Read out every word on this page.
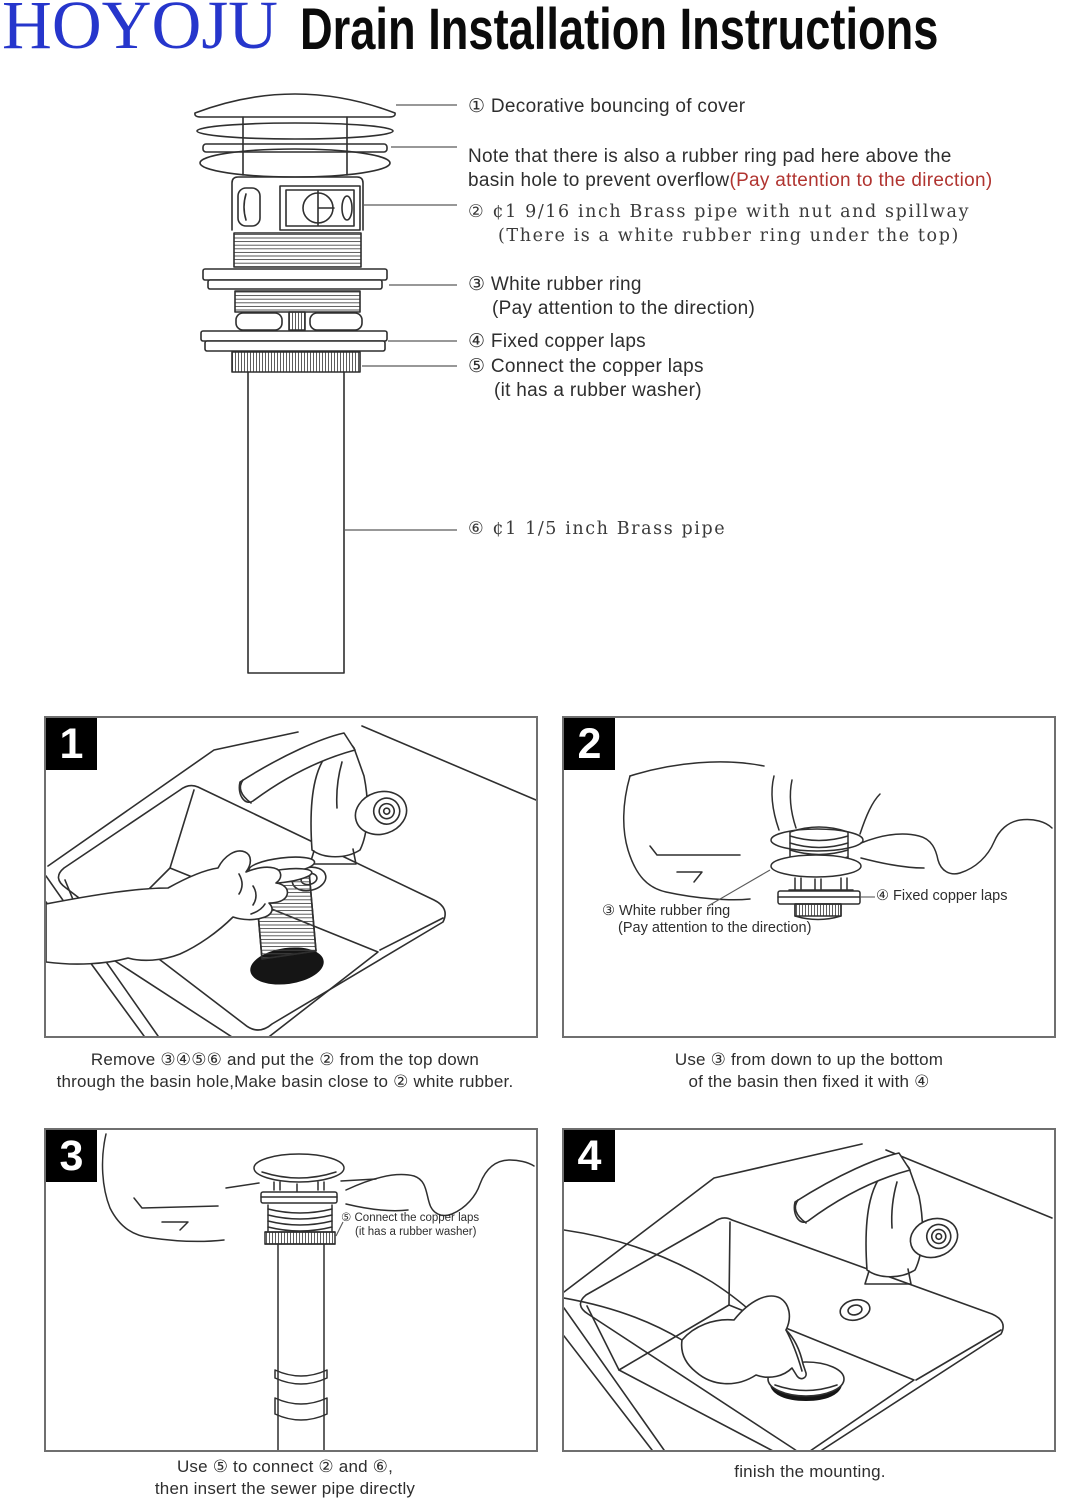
HOYOJU Drain Installation Instructions
① Decorative bouncing of cover
Note that there is also a rubber ring pad here above the
basin hole to prevent overflow(Pay attention to the direction)
② ¢1 9/16 inch Brass pipe with nut and spillway
(There is a white rubber ring under the top)
③ White rubber ring
(Pay attention to the direction)
④ Fixed copper laps
⑤ Connect the copper laps
(it has a rubber washer)
⑥ ¢1 1/5 inch Brass pipe
1
Remove ③④⑤⑥ and put the ② from the top down
through the basin hole,Make basin close to ② white rubber.
2
③ White rubber ring
(Pay attention to the direction)
④ Fixed copper laps
Use ③ from down to up the bottom
of the basin then fixed it with ④
3
⑤ Connect the copper laps
(it has a rubber washer)
Use ⑤ to connect ② and ⑥,
then insert the sewer pipe directly
4
finish the mounting.
